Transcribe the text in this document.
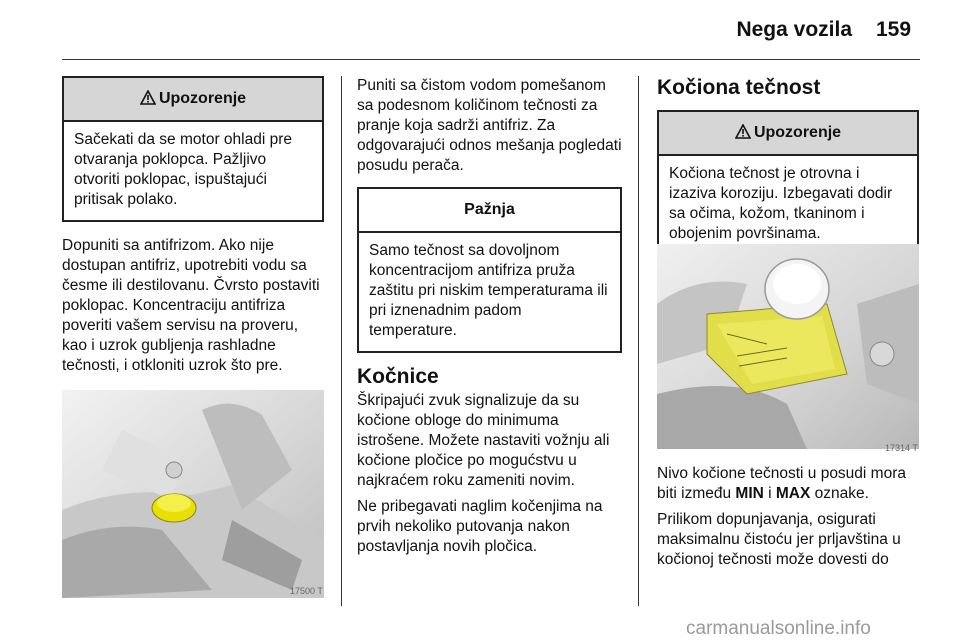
Nega vozila 159
Upozorenje
Sačekati da se motor ohladi pre otvaranja poklopca. Pažljivo otvoriti poklopac, ispuštajući pritisak polako.

Dopuniti sa antifrizom. Ako nije dostupan antifriz, upotrebiti vodu sa česme ili destilovanu. Čvrsto postaviti poklopac. Koncentraciju antifriza poveriti vašem servisu na proveru, kao i uzrok gubljenja rashladne tečnosti, i otkloniti uzrok što pre.

17500 T

Puniti sa čistom vodom pomešanom sa podesnom količinom tečnosti za pranje koja sadrži antifriz. Za odgovarajući odnos mešanja pogledati posudu perača.

Pažnja
Samo tečnost sa dovoljnom koncentracijom antifriza pruža zaštitu pri niskim temperaturama ili pri iznenadnim padom temperature.
Kočnice

Škripajući zvuk signalizuje da su kočione obloge do minimuma istrošene. Možete nastaviti vožnju ali kočione pločice po mogućstvu u najkraćem roku zameniti novim.

Ne pribegavati naglim kočenjima na prvih nekoliko putovanja nakon postavljanja novih pločica.

Kočiona tečnost
Upozorenje
Kočiona tečnost je otrovna i izaziva koroziju. Izbegavati dodir sa očima, kožom, tkaninom i obojenim površinama.
17314 T

Nivo kočione tečnosti u posudi mora biti između MIN i MAX oznake.

Prilikom dopunjavanja, osigurati maksimalnu čistoću jer prljavština u kočionoj tečnosti može dovesti do

carmanualsonline.info
